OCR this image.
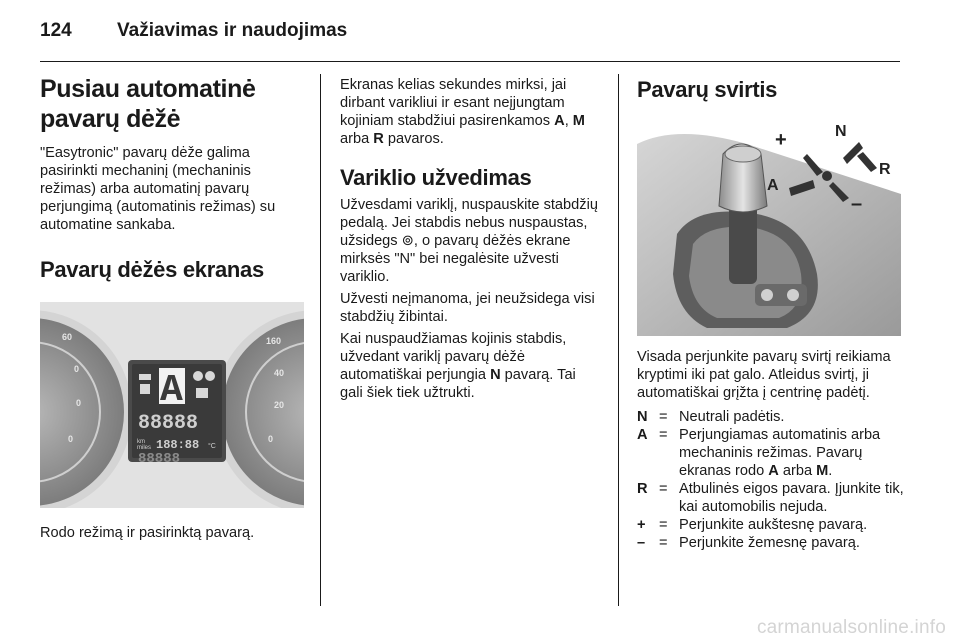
124 Važiavimas ir naudojimas
Pusiau automatinė pavarų dėžė

"Easytronic" pavarų dėže galima pasirinkti mechaninį (mechaninis režimas) arba automatinį pavarų perjungimą (automatinis režimas) su automatine sankaba.

Pavarų dėžės ekranas
60
0
0
0
160
40
20
0
A
88888
km
miles 188:88 °C
88888

Rodo režimą ir pasirinktą pavarą.

Ekranas kelias sekundes mirksi, jai dirbant varikliui ir esant neįjungtam kojiniam stabdžiui pasirenkamos A, M arba R pavaros.

Variklio užvedimas

Užvesdami variklį, nuspauskite stabdžių pedalą. Jei stabdis nebus nuspaustas, užsidegs ⊚, o pavarų dėžės ekrane mirksės "N" bei negalėsite užvesti variklio.

Užvesti neįmanoma, jei neužsidega visi stabdžių žibintai.

Kai nuspaudžiamas kojinis stabdis, užvedant variklį pavarų dėžė automatiškai perjungia N pavarą. Tai gali šiek tiek užtrukti.

Pavarų svirtis
+	N
R
A
–

Visada perjunkite pavarų svirtį reikiama kryptimi iki pat galo. Atleidus svirtį, ji automatiškai grįžta į centrinę padėtį.

N = Neutrali padėtis.
A = Perjungiamas automatinis arba mechaninis režimas. Pavarų ekranas rodo A arba M.
R = Atbulinės eigos pavara. Įjunkite tik, kai automobilis nejuda.
+ = Perjunkite aukštesnę pavarą.
– = Perjunkite žemesnę pavarą.
carmanualsonline.info
